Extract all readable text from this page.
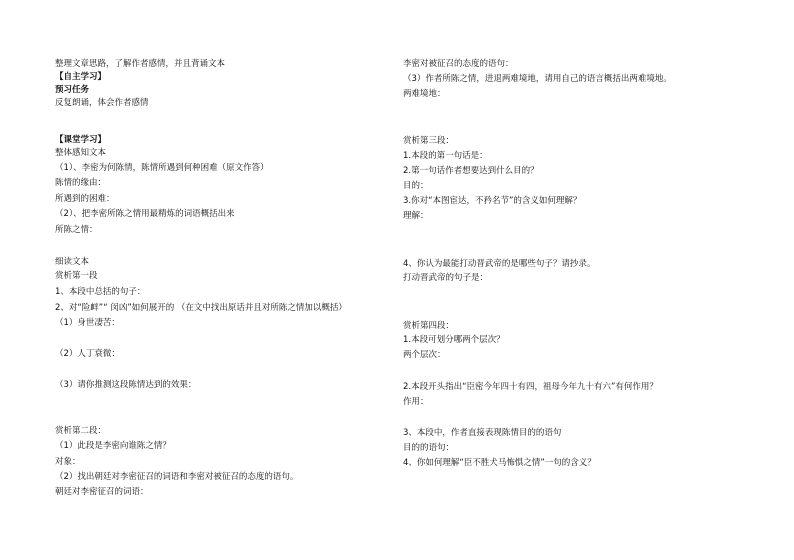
整理文章思路，了解作者感情，并且背诵文本
【自主学习】
预习任务
反复朗诵，体会作者感情
【课堂学习】
整体感知文本
（1）、李密为何陈情，陈情所遇到何种困难（原文作答）
陈情的缘由：
所遇到的困难：
（2）、把李密所陈之情用最精炼的词语概括出来
所陈之情：
细读文本
赏析第一段
1、本段中总括的句子：
2、对“险衅”“ 闵凶”如何展开的 （在文中找出原话并且对所陈之情加以概括）
（1）身世凄苦：
（2）人丁衰微：
（3）请你推测这段陈情达到的效果：
赏析第二段：
（1）此段是李密向谁陈之情？
对象：
（2）找出朝廷对李密征召的词语和李密对被征召的态度的语句。
朝廷对李密征召的词语：
李密对被征召的态度的语句：
（3）作者所陈之情，进退两难境地，请用自己的语言概括出两难境地。
两难境地：
赏析第三段：
1.本段的第一句话是：
2.第一句话作者想要达到什么目的？
目的：
3.你对“本图宦达，不矜名节”的含义如何理解？
理解：
4、你认为最能打动晋武帝的是哪些句子？请抄录。
打动晋武帝的句子是：
赏析第四段：
1.本段可划分哪两个层次？
两个层次：
2.本段开头指出“臣密今年四十有四，祖母今年九十有六”有何作用？
作用：
3、本段中，作者直接表现陈情目的的语句
目的的语句：
4、你如何理解“臣不胜犬马怖惧之情”一句的含义？
